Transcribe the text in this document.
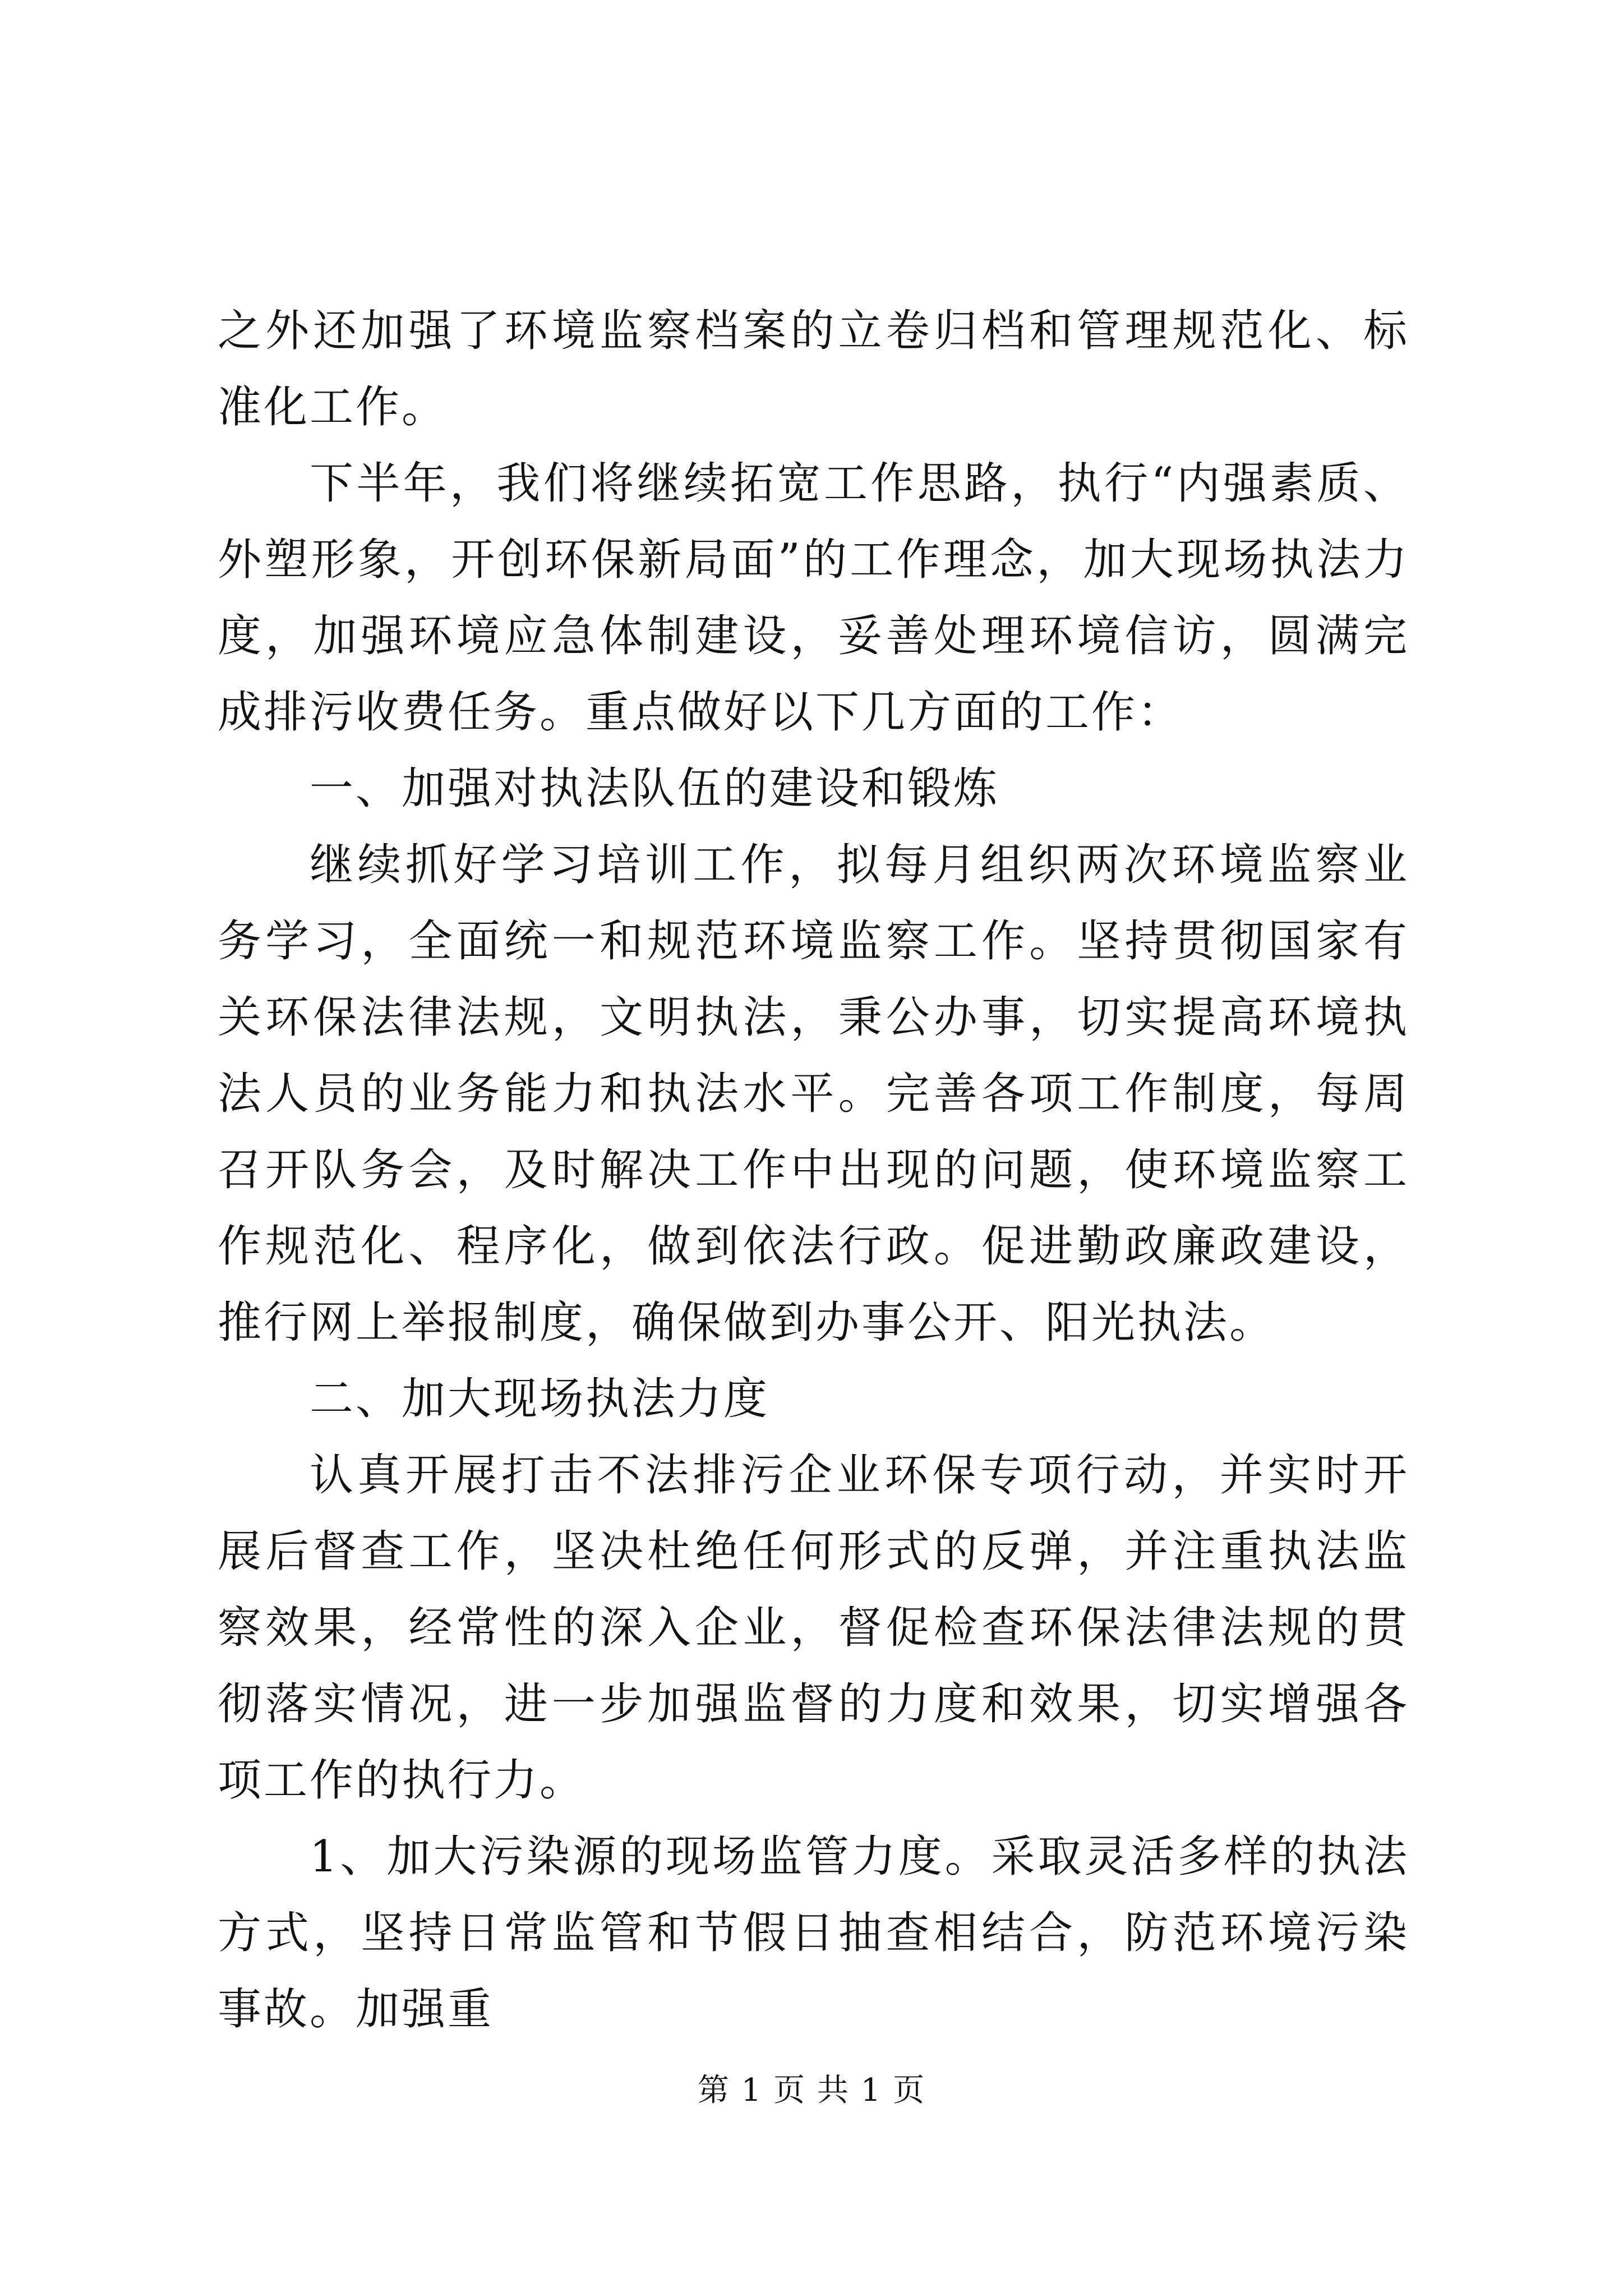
之外还加强了环境监察档案的立卷归档和管理规范化、标准化工作。

下半年，我们将继续拓宽工作思路，执行“内强素质、外塑形象，开创环保新局面”的工作理念，加大现场执法力度，加强环境应急体制建设，妥善处理环境信访，圆满完成排污收费任务。重点做好以下几方面的工作：

一、加强对执法队伍的建设和锻炼

继续抓好学习培训工作，拟每月组织两次环境监察业务学习，全面统一和规范环境监察工作。坚持贯彻国家有关环保法律法规，文明执法，秉公办事，切实提高环境执法人员的业务能力和执法水平。完善各项工作制度，每周召开队务会，及时解决工作中出现的问题，使环境监察工作规范化、程序化，做到依法行政。促进勤政廉政建设，推行网上举报制度，确保做到办事公开、阳光执法。

二、加大现场执法力度

认真开展打击不法排污企业环保专项行动，并实时开展后督查工作，坚决杜绝任何形式的反弹，并注重执法监察效果，经常性的深入企业，督促检查环保法律法规的贯彻落实情况，进一步加强监督的力度和效果，切实增强各项工作的执行力。

1、加大污染源的现场监管力度。采取灵活多样的执法方式，坚持日常监管和节假日抽查相结合，防范环境污染事故。加强重

第 1 页 共 1 页
